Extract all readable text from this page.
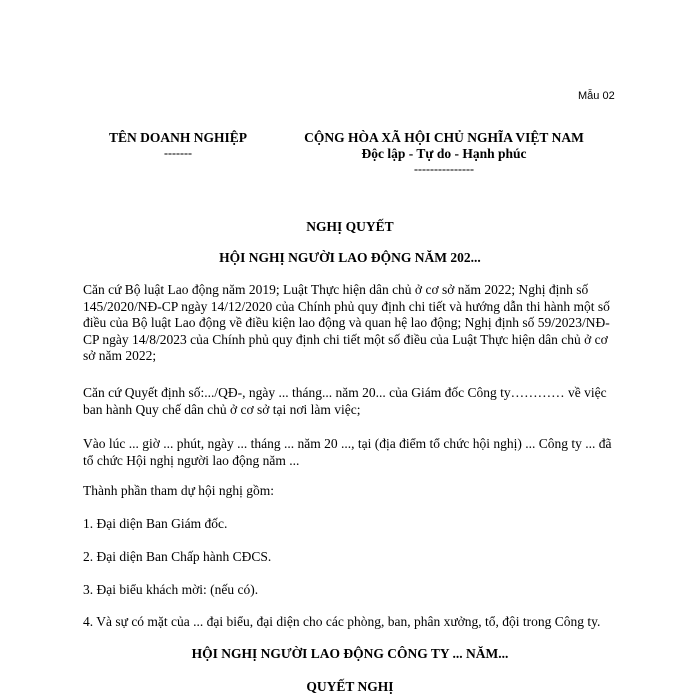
Mẫu 02
TÊN DOANH NGHIỆP
-------
CỘNG HÒA XÃ HỘI CHỦ NGHĨA VIỆT NAM
Độc lập - Tự do - Hạnh phúc
---------------
NGHỊ QUYẾT
HỘI NGHỊ NGƯỜI LAO ĐỘNG NĂM 202...

Căn cứ Bộ luật Lao động năm 2019; Luật Thực hiện dân chủ ở cơ sở năm 2022; Nghị định số 145/2020/NĐ-CP ngày 14/12/2020 của Chính phủ quy định chi tiết và hướng dẫn thi hành một số điều của Bộ luật Lao động về điều kiện lao động và quan hệ lao động; Nghị định số 59/2023/NĐ-CP ngày 14/8/2023 của Chính phủ quy định chi tiết một số điều của Luật Thực hiện dân chủ ở cơ sở năm 2022;

Căn cứ Quyết định số:.../QĐ-, ngày ... tháng... năm 20... của Giám đốc Công ty………… về việc ban hành Quy chế dân chủ ở cơ sở tại nơi làm việc;

Vào lúc ... giờ ... phút, ngày ... tháng ... năm 20 ..., tại (địa điểm tổ chức hội nghị) ... Công ty ... đã tổ chức Hội nghị người lao động năm ...

Thành phần tham dự hội nghị gồm:

1. Đại diện Ban Giám đốc.

2. Đại diện Ban Chấp hành CĐCS.

3. Đại biểu khách mời: (nếu có).

4. Và sự có mặt của ... đại biểu, đại diện cho các phòng, ban, phân xưởng, tổ, đội trong Công ty.

HỘI NGHỊ NGƯỜI LAO ĐỘNG CÔNG TY ... NĂM...
QUYẾT NGHỊ
